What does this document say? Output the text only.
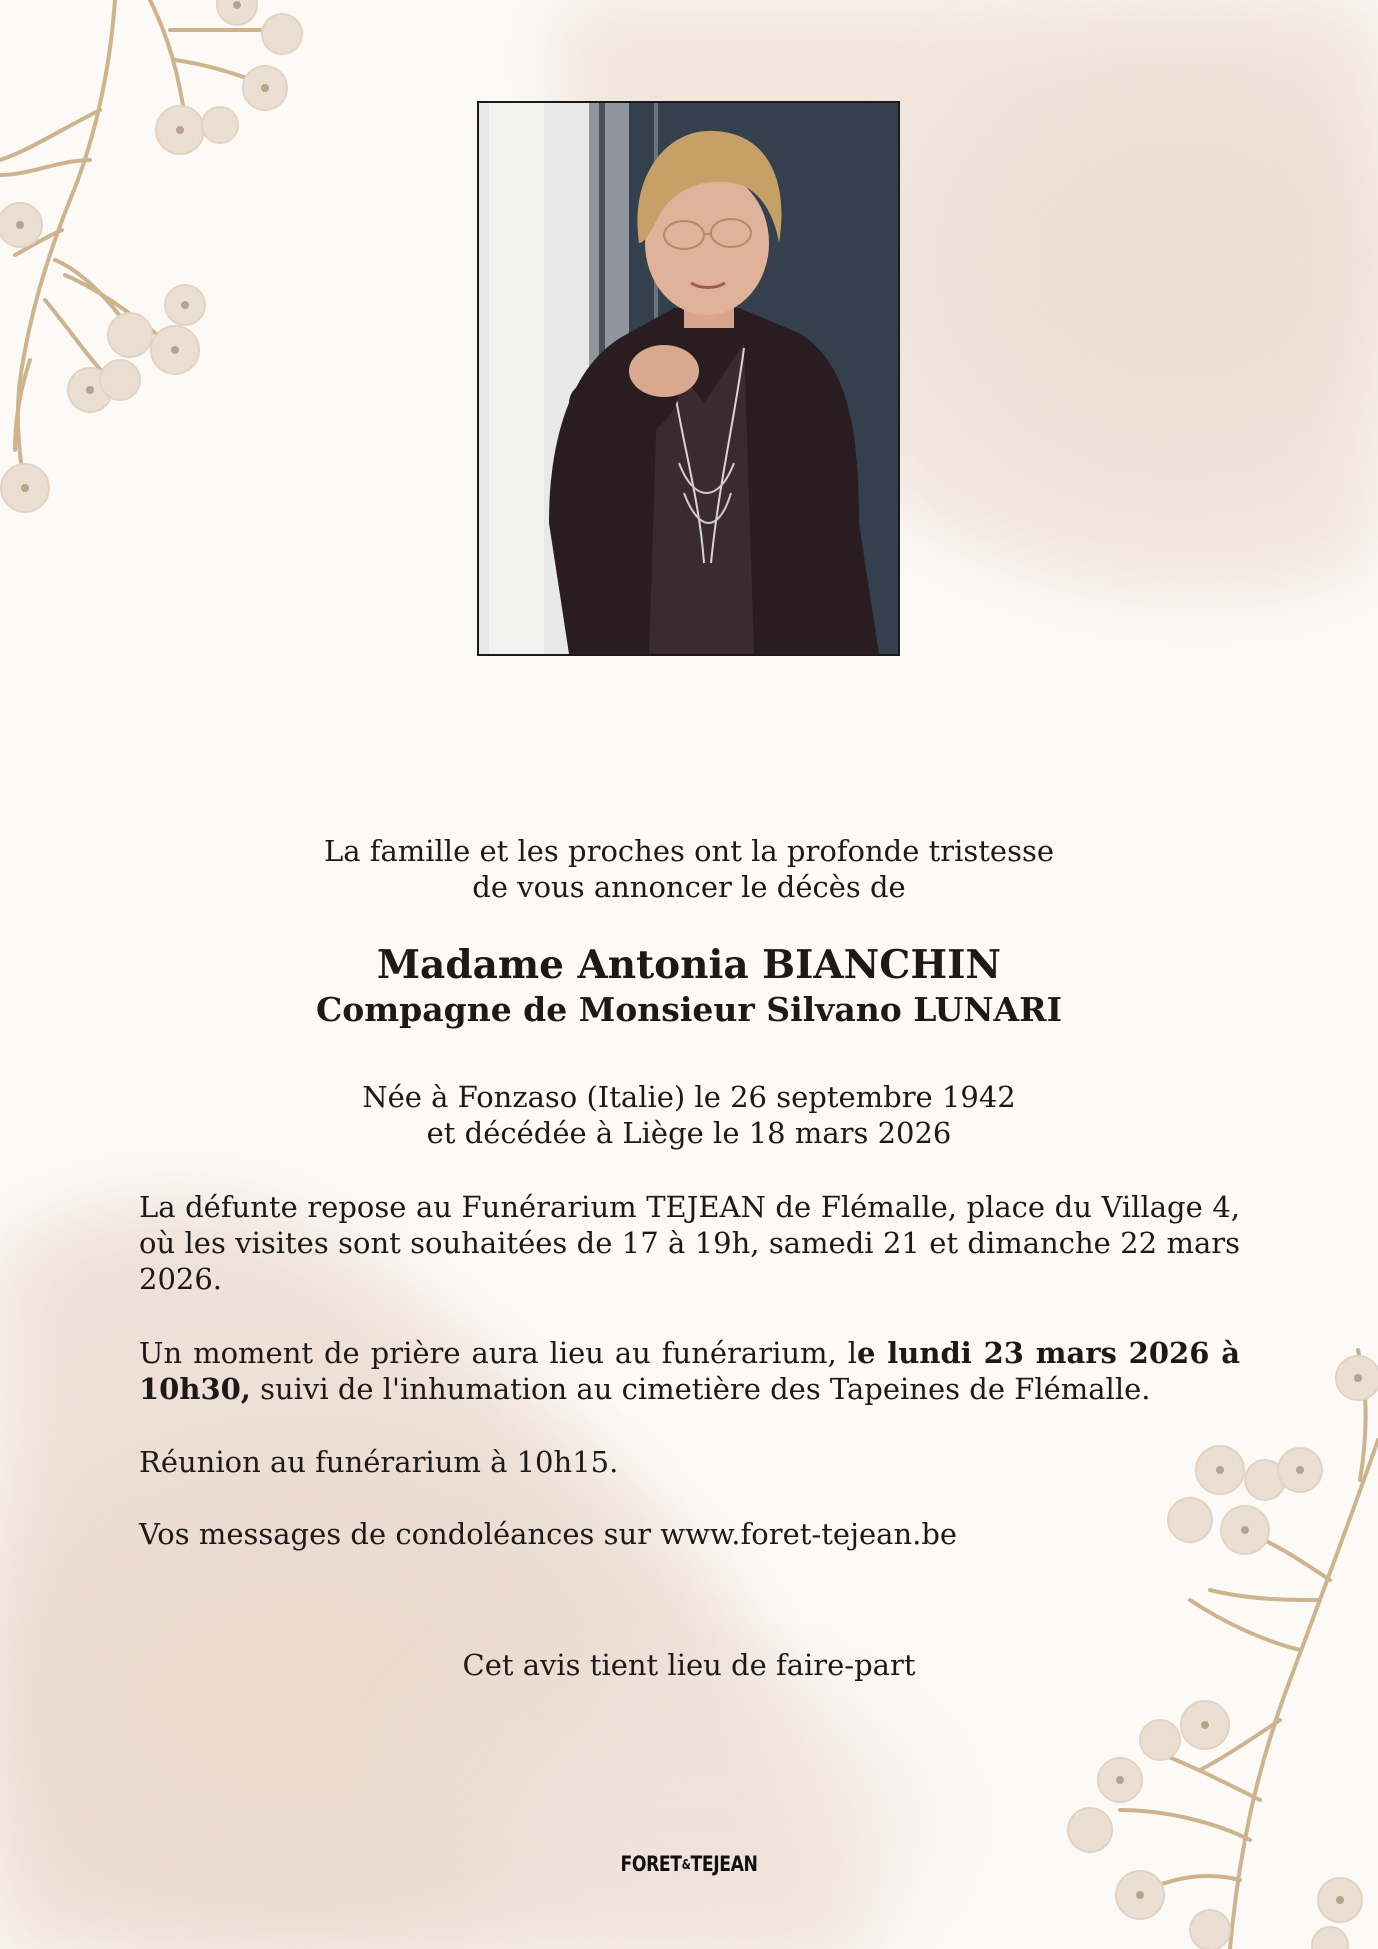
La famille et les proches ont la profonde tristesse
de vous annoncer le décès de
Madame Antonia BIANCHIN
Compagne de Monsieur Silvano LUNARI
Née à Fonzaso (Italie) le 26 septembre 1942
et décédée à Liège le 18 mars 2026
La défunte repose au Funérarium TEJEAN de Flémalle, place du Village 4, où les visites sont souhaitées de 17 à 19h, samedi 21 et dimanche 22 mars 2026.
Un moment de prière aura lieu au funérarium, le lundi 23 mars 2026 à 10h30, suivi de l'inhumation au cimetière des Tapeines de Flémalle.
Réunion au funérarium à 10h15.
Vos messages de condoléances sur www.foret-tejean.be
Cet avis tient lieu de faire-part
FORET&TEJEAN
